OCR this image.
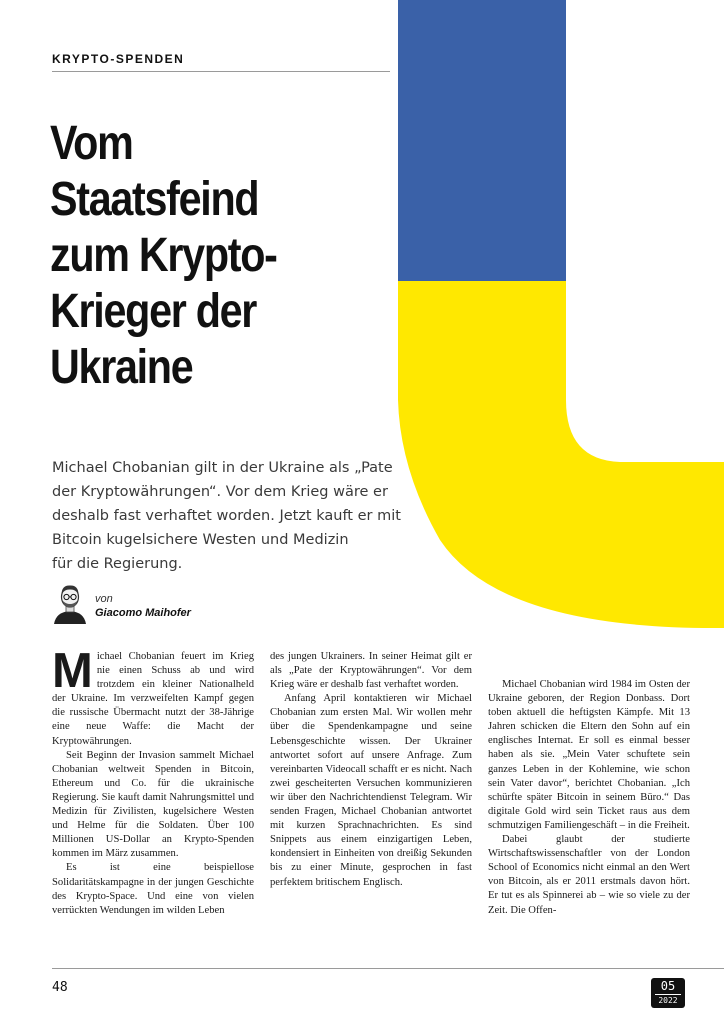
KRYPTO-SPENDEN
Vom
Staatsfeind
zum Krypto-
Krieger der
Ukraine

Michael Chobanian gilt in der Ukraine als „Pate
der Kryptowährungen“. Vor dem Krieg wäre er
deshalb fast verhaftet worden. Jetzt kauft er mit
Bitcoin kugelsichere Westen und Medizin
für die Regierung.

von
Giacomo Maihofer

Michael Chobanian feuert im Krieg nie einen Schuss ab und wird trotzdem ein kleiner Nationalheld der Ukraine. Im verzweifelten Kampf gegen die russische Übermacht nutzt der 38-Jährige eine neue Waffe: die Macht der Kryptowährungen.

Seit Beginn der Invasion sammelt Michael Chobanian weltweit Spenden in Bitcoin, Ethereum und Co. für die ukrainische Regierung. Sie kauft damit Nahrungsmittel und Medizin für Zivilisten, kugelsichere Westen und Helme für die Soldaten. Über 100 Millionen US-Dollar an Krypto-Spenden kommen im März zusammen.

Es ist eine beispiellose Solidaritätskampagne in der jungen Geschichte des Krypto-Space. Und eine von vielen verrückten Wendungen im wilden Leben

des jungen Ukrainers. In seiner Heimat gilt er als „Pate der Kryptowährungen“. Vor dem Krieg wäre er deshalb fast verhaftet worden.

Anfang April kontaktieren wir Michael Chobanian zum ersten Mal. Wir wollen mehr über die Spendenkampagne und seine Lebensgeschichte wissen. Der Ukrainer antwortet sofort auf unsere Anfrage. Zum vereinbarten Videocall schafft er es nicht. Nach zwei gescheiterten Versuchen kommunizieren wir über den Nachrichtendienst Telegram. Wir senden Fragen, Michael Chobanian antwortet mit kurzen Sprachnachrichten. Es sind Snippets aus einem einzigartigen Leben, kondensiert in Einheiten von dreißig Sekunden bis zu einer Minute, gesprochen in fast perfektem britischem Englisch.

Michael Chobanian wird 1984 im Osten der Ukraine geboren, der Region Donbass. Dort toben aktuell die heftigsten Kämpfe. Mit 13 Jahren schicken die Eltern den Sohn auf ein englisches Internat. Er soll es einmal besser haben als sie. „Mein Vater schuftete sein ganzes Leben in der Kohlemine, wie schon sein Vater davor“, berichtet Chobanian. „Ich schürfte später Bitcoin in seinem Büro.“ Das digitale Gold wird sein Ticket raus aus dem schmutzigen Familiengeschäft – in die Freiheit.

Dabei glaubt der studierte Wirtschaftswissenschaftler von der London School of Economics nicht einmal an den Wert von Bitcoin, als er 2011 erstmals davon hört. Er tut es als Spinnerei ab – wie so viele zu der Zeit. Die Offen-

48	05
2022
